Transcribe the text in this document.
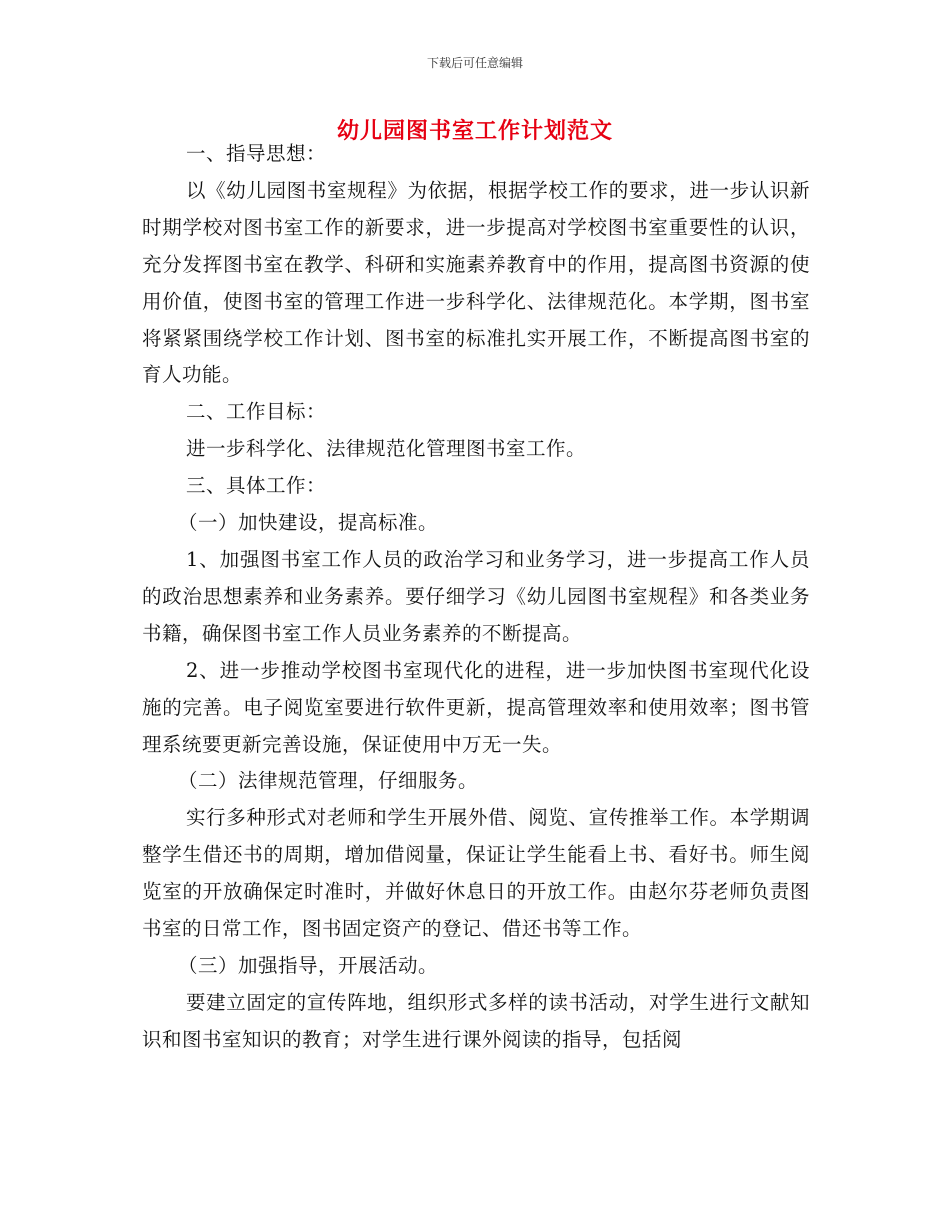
下载后可任意编辑
幼儿园图书室工作计划范文

一、指导思想：

以《幼儿园图书室规程》为依据，根据学校工作的要求，进一步认识新时期学校对图书室工作的新要求，进一步提高对学校图书室重要性的认识，充分发挥图书室在教学、科研和实施素养教育中的作用，提高图书资源的使用价值，使图书室的管理工作进一步科学化、法律规范化。本学期，图书室将紧紧围绕学校工作计划、图书室的标准扎实开展工作，不断提高图书室的育人功能。

二、工作目标：

进一步科学化、法律规范化管理图书室工作。

三、具体工作：

（一）加快建设，提高标准。

1、加强图书室工作人员的政治学习和业务学习，进一步提高工作人员的政治思想素养和业务素养。要仔细学习《幼儿园图书室规程》和各类业务书籍，确保图书室工作人员业务素养的不断提高。

2、进一步推动学校图书室现代化的进程，进一步加快图书室现代化设施的完善。电子阅览室要进行软件更新，提高管理效率和使用效率；图书管理系统要更新完善设施，保证使用中万无一失。

（二）法律规范管理，仔细服务。

实行多种形式对老师和学生开展外借、阅览、宣传推举工作。本学期调整学生借还书的周期，增加借阅量，保证让学生能看上书、看好书。师生阅览室的开放确保定时准时，并做好休息日的开放工作。由赵尔芬老师负责图书室的日常工作，图书固定资产的登记、借还书等工作。

（三）加强指导，开展活动。

要建立固定的宣传阵地，组织形式多样的读书活动，对学生进行文献知识和图书室知识的教育；对学生进行课外阅读的指导，包括阅
